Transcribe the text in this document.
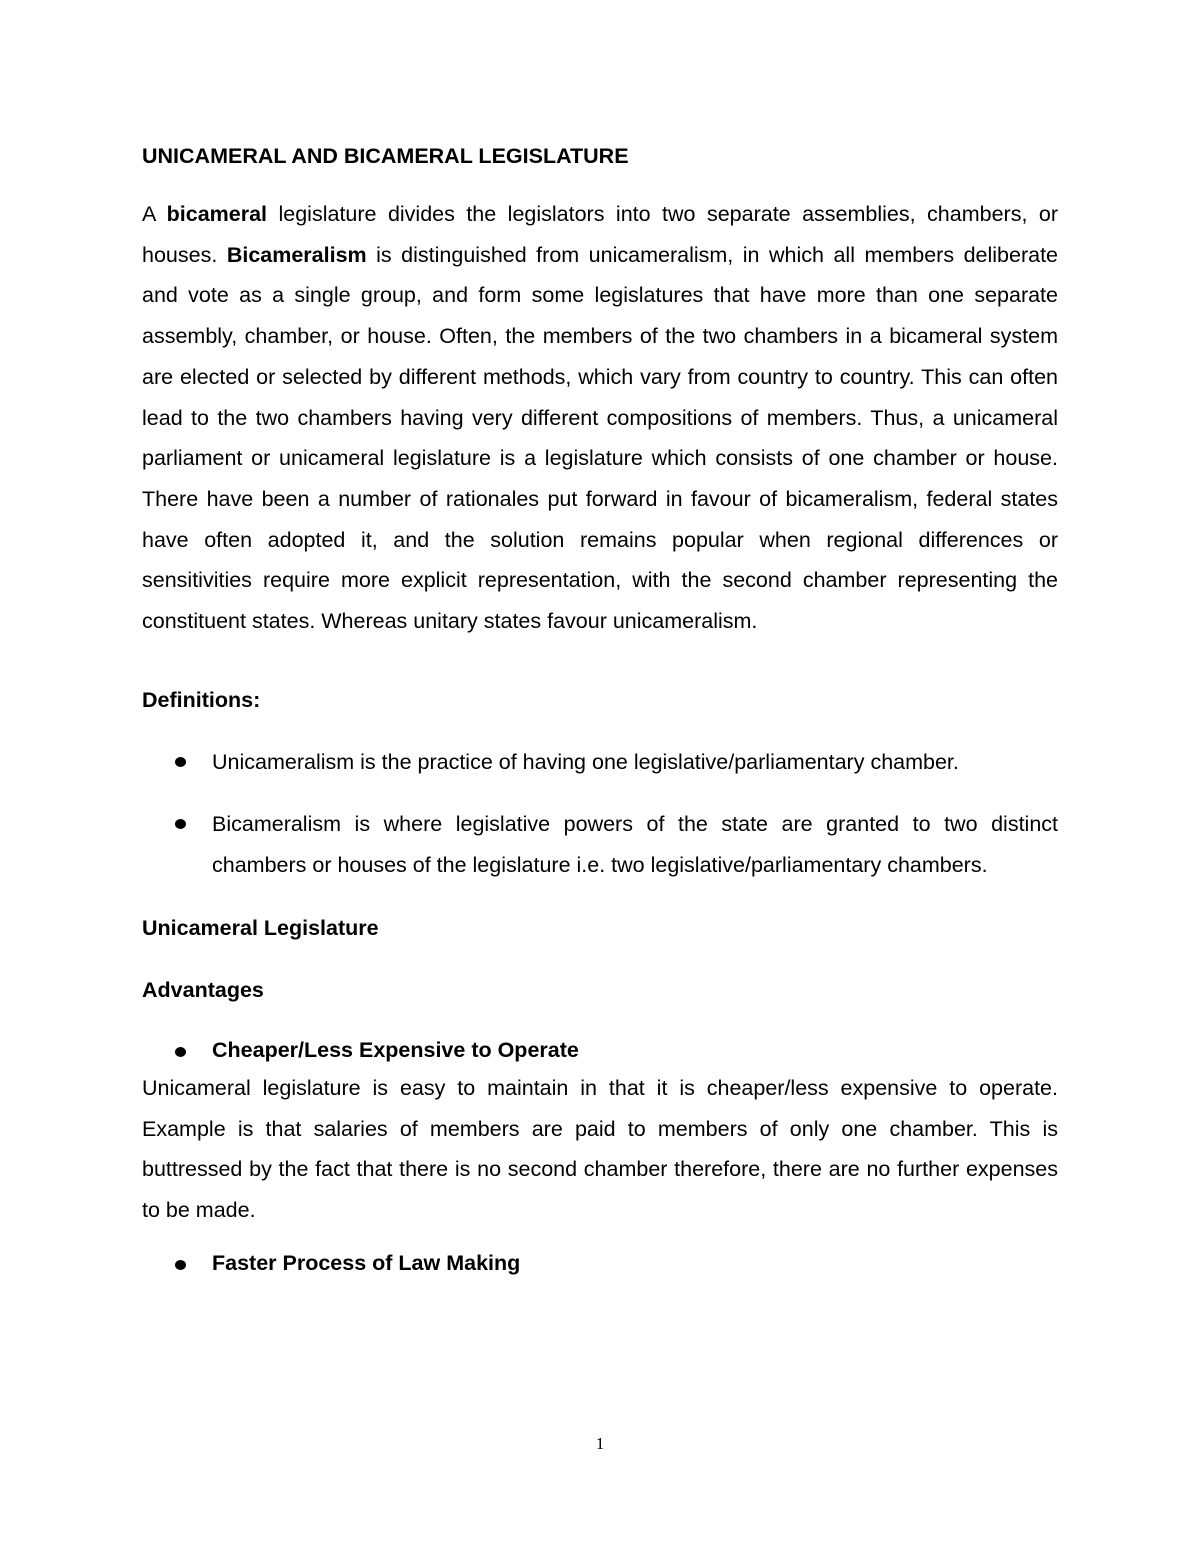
UNICAMERAL AND BICAMERAL LEGISLATURE

A bicameral legislature divides the legislators into two separate assemblies, chambers, or houses. Bicameralism is distinguished from unicameralism, in which all members deliberate and vote as a single group, and form some legislatures that have more than one separate assembly, chamber, or house. Often, the members of the two chambers in a bicameral system are elected or selected by different methods, which vary from country to country. This can often lead to the two chambers having very different compositions of members. Thus, a unicameral parliament or unicameral legislature is a legislature which consists of one chamber or house. There have been a number of rationales put forward in favour of bicameralism, federal states have often adopted it, and the solution remains popular when regional differences or sensitivities require more explicit representation, with the second chamber representing the constituent states. Whereas unitary states favour unicameralism.

Definitions:
Unicameralism is the practice of having one legislative/parliamentary chamber.
Bicameralism is where legislative powers of the state are granted to two distinct chambers or houses of the legislature i.e. two legislative/parliamentary chambers.
Unicameral Legislature
Advantages
Cheaper/Less Expensive to Operate

Unicameral legislature is easy to maintain in that it is cheaper/less expensive to operate. Example is that salaries of members are paid to members of only one chamber. This is buttressed by the fact that there is no second chamber therefore, there are no further expenses to be made.

Faster Process of Law Making
1
